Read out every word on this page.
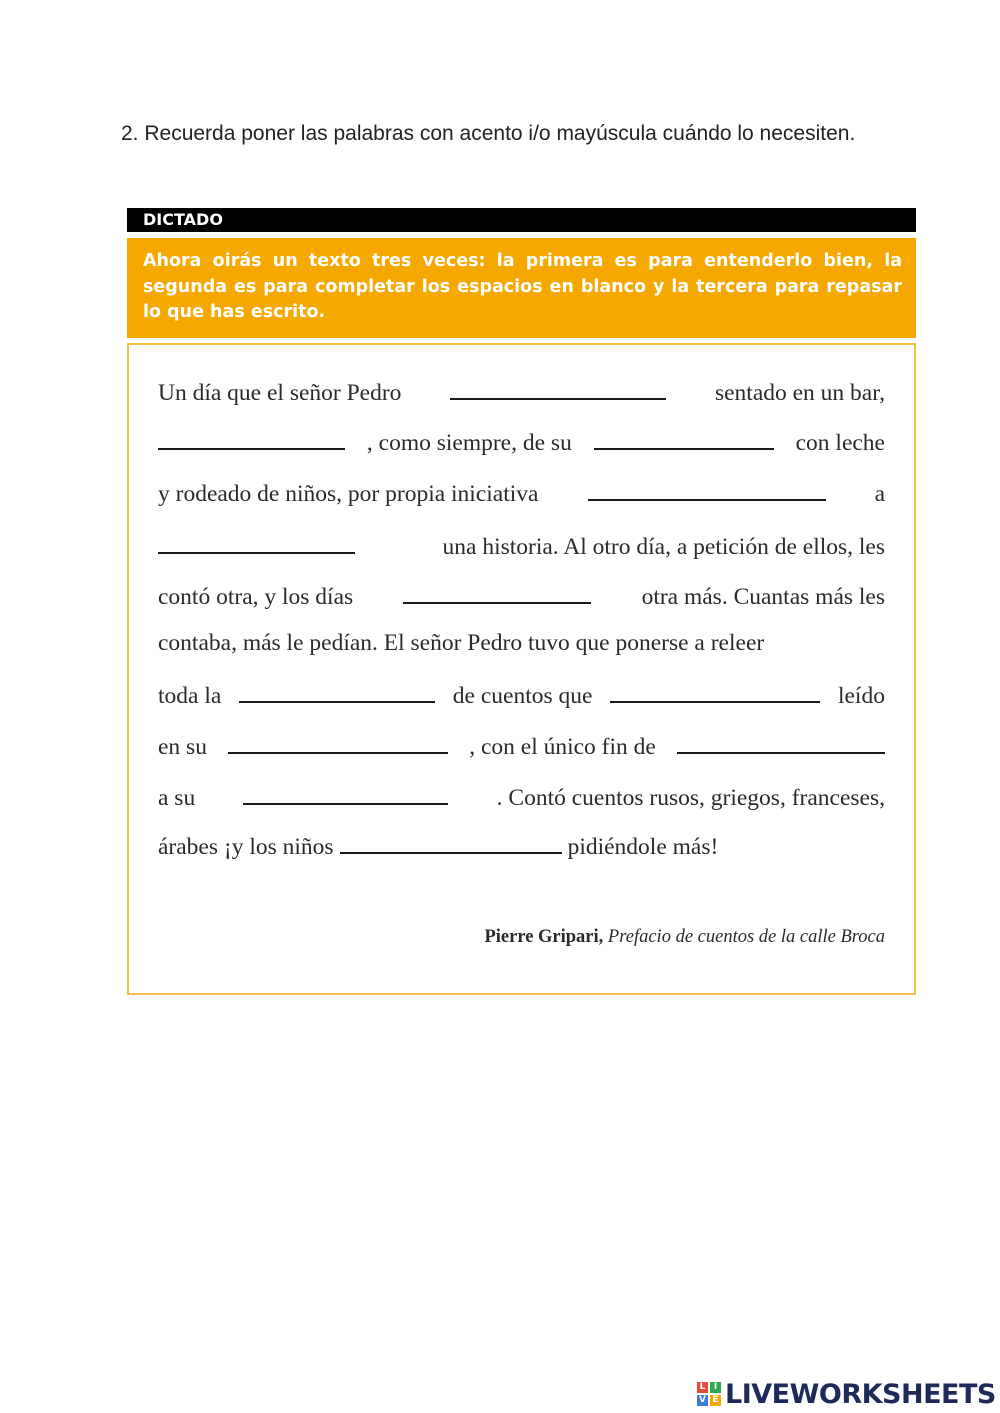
2. Recuerda poner las palabras con acento i/o mayúscula cuándo lo necesiten.
DICTADO
Ahora oirás un texto tres veces: la primera es para entenderlo bien, la segunda es para completar los espacios en blanco y la tercera para repasar lo que has escrito.
Un día que el señor Pedro	sentado en un bar,
, como siempre, de su	con leche
y rodeado de niños, por propia iniciativa	a
una historia. Al otro día, a petición de ellos, les
contó otra, y los días	otra más. Cuantas más les
contaba, más le pedían. El señor Pedro tuvo que ponerse a releer
toda la	de cuentos que	leído
en su	, con el único fin de
a su	. Contó cuentos rusos, griegos, franceses,
árabes ¡y los niños	pidiéndole más!
Pierre Gripari, Prefacio de cuentos de la calle Broca
L I
V E LIVEWORKSHEETS
